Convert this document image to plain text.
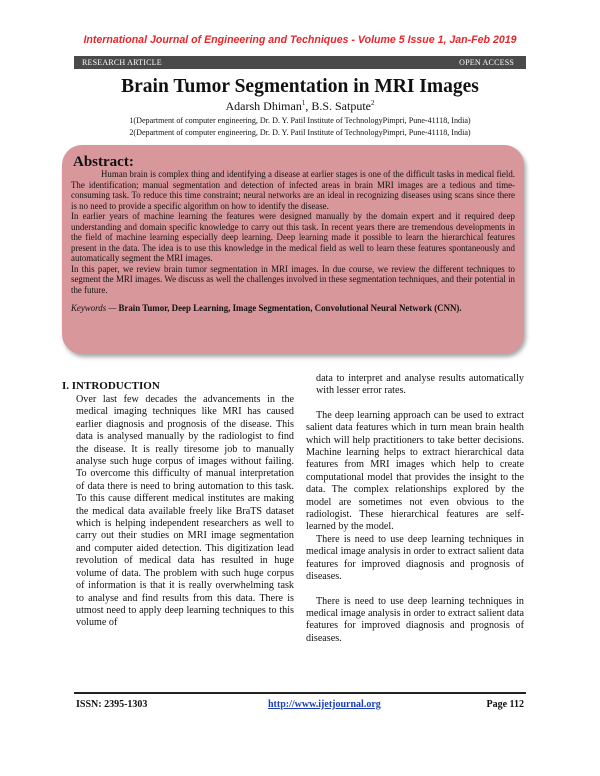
International Journal of Engineering and Techniques - Volume 5 Issue 1, Jan-Feb 2019
RESEARCH ARTICLE	OPEN ACCESS
Brain Tumor Segmentation in MRI Images
Adarsh Dhiman$^1$, B.S. Satpute$^2$
1(Department of computer engineering, Dr. D. Y. Patil Institute of TechnologyPimpri, Pune-41118, India)
2(Department of computer engineering, Dr. D. Y. Patil Institute of TechnologyPimpri, Pune-41118, India)
Abstract:

Human brain is complex thing and identifying a disease at earlier stages is one of the difficult tasks in medical field. The identification; manual segmentation and detection of infected areas in brain MRI images are a tedious and time-consuming task. To reduce this time constraint; neural networks are an ideal in recognizing diseases using scans since there is no need to provide a specific algorithm on how to identify the disease.

In earlier years of machine learning the features were designed manually by the domain expert and it required deep understanding and domain specific knowledge to carry out this task. In recent years there are tremendous developments in the field of machine learning especially deep learning. Deep learning made it possible to learn the hierarchical features present in the data. The idea is to use this knowledge in the medical field as well to learn these features spontaneously and automatically segment the MRI images.

In this paper, we review brain tumor segmentation in MRI images. In due course, we review the different techniques to segment the MRI images. We discuss as well the challenges involved in these segmentation techniques, and their potential in the future.

Keywords — Brain Tumor, Deep Learning, Image Segmentation, Convolutional Neural Network (CNN).
I. INTRODUCTION

Over last few decades the advancements in the medical imaging techniques like MRI has caused earlier diagnosis and prognosis of the disease. This data is analysed manually by the radiologist to find the disease. It is really tiresome job to manually analyse such huge corpus of images without failing. To overcome this difficulty of manual interpretation of data there is need to bring automation to this task. To this cause different medical institutes are making the medical data available freely like BraTS dataset which is helping independent researchers as well to carry out their studies on MRI image segmentation and computer aided detection. This digitization lead revolution of medical data has resulted in huge volume of data. The problem with such huge corpus of information is that it is really overwhelming task to analyse and find results from this data. There is utmost need to apply deep learning techniques to this volume of

data to interpret and analyse results automatically with lesser error rates.

The deep learning approach can be used to extract salient data features which in turn mean brain health which will help practitioners to take better decisions. Machine learning helps to extract hierarchical data features from MRI images which help to create computational model that provides the insight to the data. The complex relationships explored by the model are sometimes not even obvious to the radiologist. These hierarchical features are self-learned by the model.

There is need to use deep learning techniques in medical image analysis in order to extract salient data features for improved diagnosis and prognosis of diseases.

There is need to use deep learning techniques in medical image analysis in order to extract salient data features for improved diagnosis and prognosis of diseases.

ISSN: 2395-1303	http://www.ijetjournal.org	Page 112
